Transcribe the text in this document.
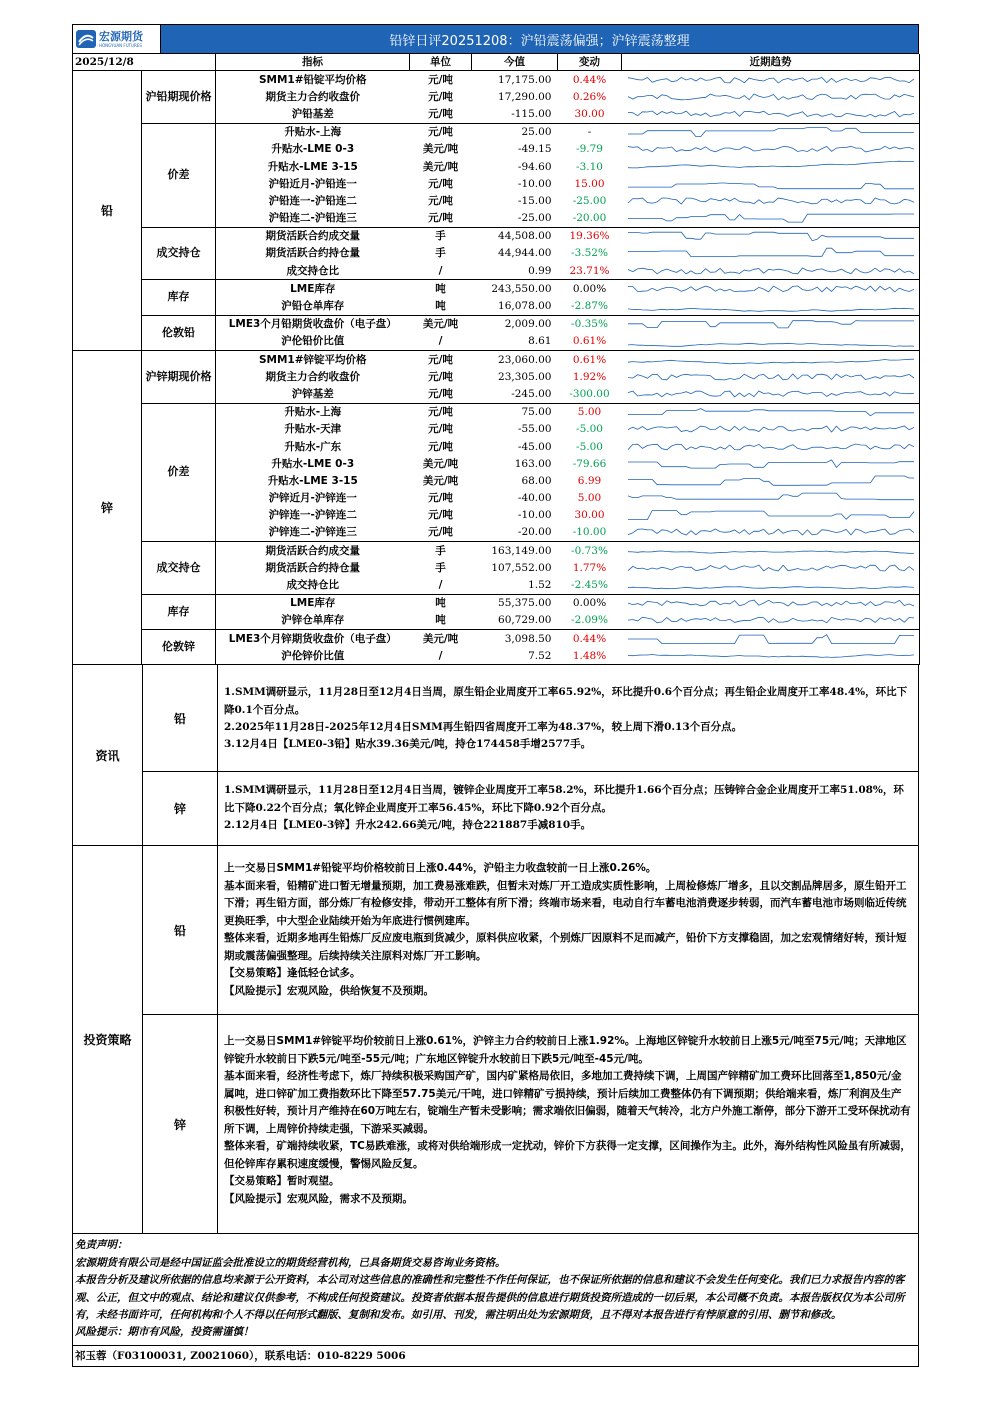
宏源期货
HONGYUAN FUTURES	铅锌日评20251208：沪铅震荡偏强；沪锌震荡整理
2025/12/8		指标	单位	今值	变动	近期趋势
铅	沪铅期现价格	SMM1#铅锭平均价格	元/吨	17,175.00	0.44%	

		期货主力合约收盘价	元/吨	17,290.00	0.26%	

		沪铅基差	元/吨	-115.00	30.00	

	价差	升贴水-上海	元/吨	25.00	-	

		升贴水-LME 0-3	美元/吨	-49.15	-9.79	

		升贴水-LME 3-15	美元/吨	-94.60	-3.10	

		沪铅近月-沪铅连一	元/吨	-10.00	15.00	

		沪铅连一-沪铅连二	元/吨	-15.00	-25.00	

		沪铅连二-沪铅连三	元/吨	-25.00	-20.00	

	成交持仓	期货活跃合约成交量	手	44,508.00	19.36%	

		期货活跃合约持仓量	手	44,944.00	-3.52%	

		成交持仓比	/	0.99	23.71%	

	库存	LME库存	吨	243,550.00	0.00%	

		沪铅仓单库存	吨	16,078.00	-2.87%	

	伦敦铅	LME3个月铅期货收盘价（电子盘）	美元/吨	2,009.00	-0.35%	

		沪伦铅价比值	/	8.61	0.61%	

锌	沪锌期现价格	SMM1#锌锭平均价格	元/吨	23,060.00	0.61%	

		期货主力合约收盘价	元/吨	23,305.00	1.92%	

		沪锌基差	元/吨	-245.00	-300.00	

	价差	升贴水-上海	元/吨	75.00	5.00	

		升贴水-天津	元/吨	-55.00	-5.00	

		升贴水-广东	元/吨	-45.00	-5.00	

		升贴水-LME 0-3	美元/吨	163.00	-79.66	

		升贴水-LME 3-15	美元/吨	68.00	6.99	

		沪锌近月-沪锌连一	元/吨	-40.00	5.00	

		沪锌连一-沪锌连二	元/吨	-10.00	30.00	

		沪锌连二-沪锌连三	元/吨	-20.00	-10.00	

	成交持仓	期货活跃合约成交量	手	163,149.00	-0.73%	

		期货活跃合约持仓量	手	107,552.00	1.77%	

		成交持仓比	/	1.52	-2.45%	

	库存	LME库存	吨	55,375.00	0.00%	

		沪锌仓单库存	吨	60,729.00	-2.09%	

	伦敦锌	LME3个月锌期货收盘价（电子盘）	美元/吨	3,098.50	0.44%	

		沪伦锌价比值	/	7.52	1.48%	
资讯
铅

1.SMM调研显示，11月28日至12月4日当周，原生铅企业周度开工率65.92%，环比提升0.6个百分点；再生铅企业周度开工率48.4%，环比下降0.1个百分点。

2.2025年11月28日-2025年12月4日SMM再生铅四省周度开工率为48.37%，较上周下滑0.13个百分点。

3.12月4日【LME0-3铅】贴水39.36美元/吨，持仓174458手增2577手。

锌

1.SMM调研显示，11月28日至12月4日当周，镀锌企业周度开工率58.2%，环比提升1.66个百分点；压铸锌合金企业周度开工率51.08%，环比下降0.22个百分点；氧化锌企业周度开工率56.45%，环比下降0.92个百分点。

2.12月4日【LME0-3锌】升水242.66美元/吨，持仓221887手减810手。

投资策略
铅

上一交易日SMM1#铅锭平均价格较前日上涨0.44%，沪铅主力收盘较前一日上涨0.26%。

基本面来看，铅精矿进口暂无增量预期，加工费易涨难跌，但暂未对炼厂开工造成实质性影响，上周检修炼厂增多，且以交割品牌居多，原生铅开工下滑；再生铅方面，部分炼厂有检修安排，带动开工整体有所下滑；终端市场来看，电动自行车蓄电池消费逐步转弱，而汽车蓄电池市场则临近传统更换旺季，中大型企业陆续开始为年底进行惯例建库。

整体来看，近期多地再生铅炼厂反应废电瓶到货减少，原料供应收紧，个别炼厂因原料不足而减产，铅价下方支撑稳固，加之宏观情绪好转，预计短期或震荡偏强整理。后续持续关注原料对炼厂开工影响。

【交易策略】逢低轻仓试多。

【风险提示】宏观风险，供给恢复不及预期。

锌

上一交易日SMM1#锌锭平均价较前日上涨0.61%，沪锌主力合约较前日上涨1.92%。上海地区锌锭升水较前日上涨5元/吨至75元/吨；天津地区锌锭升水较前日下跌5元/吨至-55元/吨；广东地区锌锭升水较前日下跌5元/吨至-45元/吨。

基本面来看，经济性考虑下，炼厂持续积极采购国产矿，国内矿紧格局依旧，多地加工费持续下调，上周国产锌精矿加工费环比回落至1,850元/金属吨，进口锌矿加工费指数环比下降至57.75美元/干吨，进口锌精矿亏损持续，预计后续加工费整体仍有下调预期；供给端来看，炼厂利润及生产积极性好转，预计月产维持在60万吨左右，锭端生产暂未受影响；需求端依旧偏弱，随着天气转冷，北方户外施工渐停，部分下游开工受环保扰动有所下调，上周锌价持续走强，下游采买减弱。

整体来看，矿端持续收紧，TC易跌难涨，或将对供给端形成一定扰动，锌价下方获得一定支撑，区间操作为主。此外，海外结构性风险虽有所减弱，但伦锌库存累积速度缓慢，警惕风险反复。

【交易策略】暂时观望。

【风险提示】宏观风险，需求不及预期。

免责声明：

宏源期货有限公司是经中国证监会批准设立的期货经营机构，已具备期货交易咨询业务资格。

本报告分析及建议所依据的信息均来源于公开资料，本公司对这些信息的准确性和完整性不作任何保证，也不保证所依据的信息和建议不会发生任何变化。我们已力求报告内容的客观、公正，但文中的观点、结论和建议仅供参考，不构成任何投资建议。投资者依据本报告提供的信息进行期货投资所造成的一切后果，本公司概不负责。本报告版权仅为本公司所有，未经书面许可，任何机构和个人不得以任何形式翻版、复制和发布。如引用、刊发，需注明出处为宏源期货，且不得对本报告进行有悖原意的引用、删节和修改。

风险提示：期市有风险，投资需谨慎！

祁玉蓉（F03100031, Z0021060），联系电话：010-8229 5006
